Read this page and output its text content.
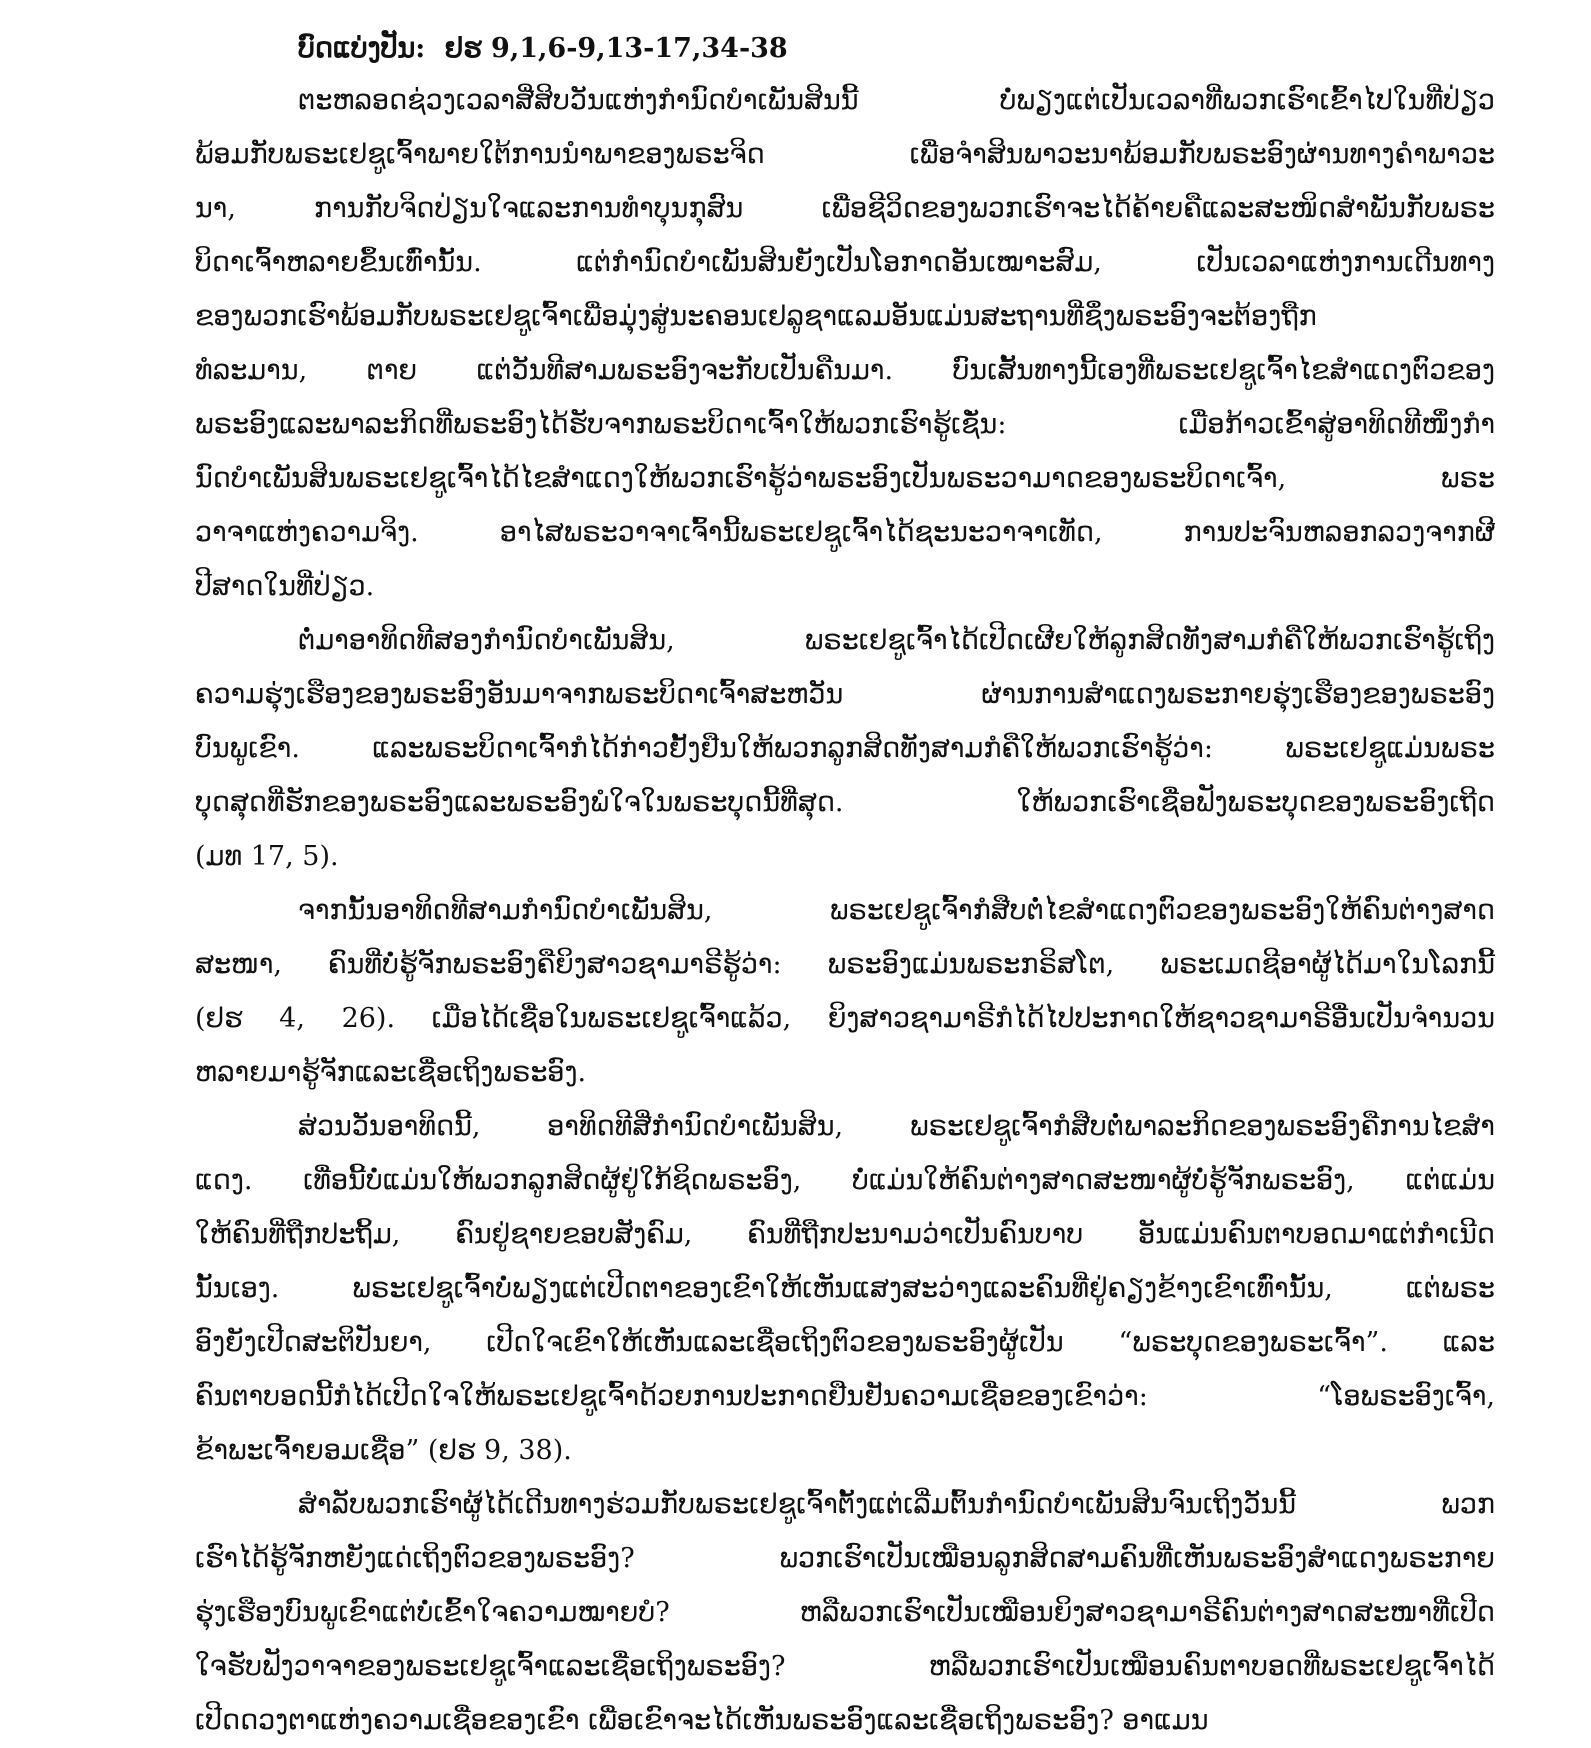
ບົດແບ່ງປັນ: ຢຮ 9,1,6-9,13-17,34-38
ຕະຫລອດຊ່ວງເວລາສີ່ສິບວັນແຫ່ງກຳນົດບຳເພັນສິນນີ້ ບໍ່ພຽງແຕ່ເປັນເວລາທີ່ພວກເຮົາເຂົ້າໄປໃນທີ່ປ່ຽວ
ພ້ອມກັບພຣະເຢຊູເຈົ້າພາຍໃຕ້ການນຳພາຂອງພຣະຈິດ ເພື່ອຈຳສິນພາວະນາພ້ອມກັບພຣະອົງຜ່ານທາງຄຳພາວະ
ນາ, ການກັບຈິດປ່ຽນໃຈແລະການທຳບຸນກຸສົນ ເພື່ອຊີວິດຂອງພວກເຮົາຈະໄດ້ຄ້າຍຄືແລະສະໜິດສຳພັນກັບພຣະ
ບິດາເຈົ້າຫລາຍຂຶ້ນເທົ່ານັ້ນ. ແຕ່ກຳນົດບຳເພັນສິນຍັງເປັນໂອກາດອັນເໝາະສົມ, ເປັນເວລາແຫ່ງການເດີນທາງ
ຂອງພວກເຮົາພ້ອມກັບພຣະເຢຊູເຈົ້າເພື່ອມຸ່ງສູ່ນະຄອນເຢລູຊາແລມອັນແມ່ນສະຖານທີ່ຊຶ່ງພຣະອົງຈະຕ້ອງຖືກ
ທໍລະມານ, ຕາຍ ແຕ່ວັນທີສາມພຣະອົງຈະກັບເປັນຄືນມາ. ບົນເສັ້ນທາງນີ້ເອງທີ່ພຣະເຢຊູເຈົ້າໄຂສຳແດງຕົວຂອງ
ພຣະອົງແລະພາລະກິດທີ່ພຣະອົງໄດ້ຮັບຈາກພຣະບິດາເຈົ້າໃຫ້ພວກເຮົາຮູ້ເຊັ່ນ: ເມື່ອກ້າວເຂົ້າສູ່ອາທິດທີໜຶ່ງກຳ
ນົດບຳເພັນສິນພຣະເຢຊູເຈົ້າໄດ້ໄຂສຳແດງໃຫ້ພວກເຮົາຮູ້ວ່າພຣະອົງເປັນພຣະວາມາດຂອງພຣະບິດາເຈົ້າ, ພຣະ
ວາຈາແຫ່ງຄວາມຈິງ. ອາໄສພຣະວາຈາເຈົ້ານີ້ພຣະເຢຊູເຈົ້າໄດ້ຊະນະວາຈາເທັດ, ການປະຈົນຫລອກລວງຈາກຜີ
ປີສາດໃນທີ່ປ່ຽວ.
ຕໍ່ມາອາທິດທີສອງກຳນົດບຳເພັນສິນ, ພຣະເຢຊູເຈົ້າໄດ້ເປີດເຜີຍໃຫ້ລູກສິດທັງສາມກໍຄືໃຫ້ພວກເຮົາຮູ້ເຖິງ
ຄວາມຮຸ່ງເຮືອງຂອງພຣະອົງອັນມາຈາກພຣະບິດາເຈົ້າສະຫວັນ ຜ່ານການສຳແດງພຣະກາຍຮຸ່ງເຮືອງຂອງພຣະອົງ
ບົນພູເຂົາ. ແລະພຣະບິດາເຈົ້າກໍໄດ້ກ່າວຢັ້ງຢືນໃຫ້ພວກລູກສິດທັງສາມກໍຄືໃຫ້ພວກເຮົາຮູ້ວ່າ: ພຣະເຢຊູແມ່ນພຣະ
ບຸດສຸດທີ່ຮັກຂອງພຣະອົງແລະພຣະອົງພໍໃຈໃນພຣະບຸດນີ້ທີ່ສຸດ. ໃຫ້ພວກເຮົາເຊື່ອຟັງພຣະບຸດຂອງພຣະອົງເຖີດ
(ມທ 17, 5).
ຈາກນັ້ນອາທິດທີສາມກຳນົດບຳເພັນສິນ, ພຣະເຢຊູເຈົ້າກໍສືບຕໍ່ໄຂສຳແດງຕົວຂອງພຣະອົງໃຫ້ຄົນຕ່າງສາດ
ສະໜາ, ຄົນທີ່ບໍ່ຮູ້ຈັກພຣະອົງຄືຍິງສາວຊາມາຣີຮູ້ວ່າ: ພຣະອົງແມ່ນພຣະກຣິສໂຕ, ພຣະເມດຊີອາຜູ້ໄດ້ມາໃນໂລກນີ້
(ຢຮ 4, 26). ເມື່ອໄດ້ເຊື່ອໃນພຣະເຢຊູເຈົ້າແລ້ວ, ຍິງສາວຊາມາຣີກໍໄດ້ໄປປະກາດໃຫ້ຊາວຊາມາຣີອື່ນເປັນຈຳນວນ
ຫລາຍມາຮູ້ຈັກແລະເຊື່ອເຖິງພຣະອົງ.
ສ່ວນວັນອາທິດນີ້, ອາທິດທີສີ່ກຳນົດບຳເພັນສິນ, ພຣະເຢຊູເຈົ້າກໍສືບຕໍ່ພາລະກິດຂອງພຣະອົງຄືການໄຂສຳ
ແດງ. ເທື່ອນີ້ບໍ່ແມ່ນໃຫ້ພວກລູກສິດຜູ້ຢູ່ໃກ້ຊິດພຣະອົງ, ບໍ່ແມ່ນໃຫ້ຄົນຕ່າງສາດສະໜາຜູ້ບໍ່ຮູ້ຈັກພຣະອົງ, ແຕ່ແມ່ນ
ໃຫ້ຄົນທີ່ຖືກປະຖິ້ມ, ຄົນຢູ່ຊາຍຂອບສັງຄົມ, ຄົນທີ່ຖືກປະນາມວ່າເປັນຄົນບາບ ອັນແມ່ນຄົນຕາບອດມາແຕ່ກຳເນີດ
ນັ້ນເອງ. ພຣະເຢຊູເຈົ້າບໍ່ພຽງແຕ່ເປີດຕາຂອງເຂົາໃຫ້ເຫັນແສງສະວ່າງແລະຄົນທີ່ຢູ່ຄຽງຂ້າງເຂົາເທົ່ານັ້ນ, ແຕ່ພຣະ
ອົງຍັງເປີດສະຕິປັນຍາ, ເປີດໃຈເຂົາໃຫ້ເຫັນແລະເຊື່ອເຖິງຕົວຂອງພຣະອົງຜູ້ເປັນ “ພຣະບຸດຂອງພຣະເຈົ້າ”. ແລະ
ຄົນຕາບອດນີ້ກໍໄດ້ເປີດໃຈໃຫ້ພຣະເຢຊູເຈົ້າດ້ວຍການປະກາດຢືນຢັນຄວາມເຊື່ອຂອງເຂົາວ່າ: “ໂອພຣະອົງເຈົ້າ,
ຂ້າພະເຈົ້າຍອມເຊື່ອ” (ຢຮ 9, 38).
ສຳລັບພວກເຮົາຜູ້ໄດ້ເດີນທາງຮ່ວມກັບພຣະເຢຊູເຈົ້າຕັ້ງແຕ່ເລີ່ມຕົ້ນກຳນົດບຳເພັນສິນຈົນເຖິງວັນນີ້ ພວກ
ເຮົາໄດ້ຮູ້ຈັກຫຍັງແດ່ເຖິງຕົວຂອງພຣະອົງ? ພວກເຮົາເປັນເໝືອນລູກສິດສາມຄົນທີ່ເຫັນພຣະອົງສຳແດງພຣະກາຍ
ຮຸ່ງເຮືອງບົນພູເຂົາແຕ່ບໍ່ເຂົ້າໃຈຄວາມໝາຍບໍ? ຫລືພວກເຮົາເປັນເໝືອນຍິງສາວຊາມາຣີຄົນຕ່າງສາດສະໜາທີ່ເປີດ
ໃຈຮັບຟັງວາຈາຂອງພຣະເຢຊູເຈົ້າແລະເຊື່ອເຖິງພຣະອົງ? ຫລືພວກເຮົາເປັນເໝືອນຄົນຕາບອດທີ່ພຣະເຢຊູເຈົ້າໄດ້
ເປີດດວງຕາແຫ່ງຄວາມເຊື່ອຂອງເຂົາ ເພື່ອເຂົາຈະໄດ້ເຫັນພຣະອົງແລະເຊື່ອເຖິງພຣະອົງ? ອາແມນ
